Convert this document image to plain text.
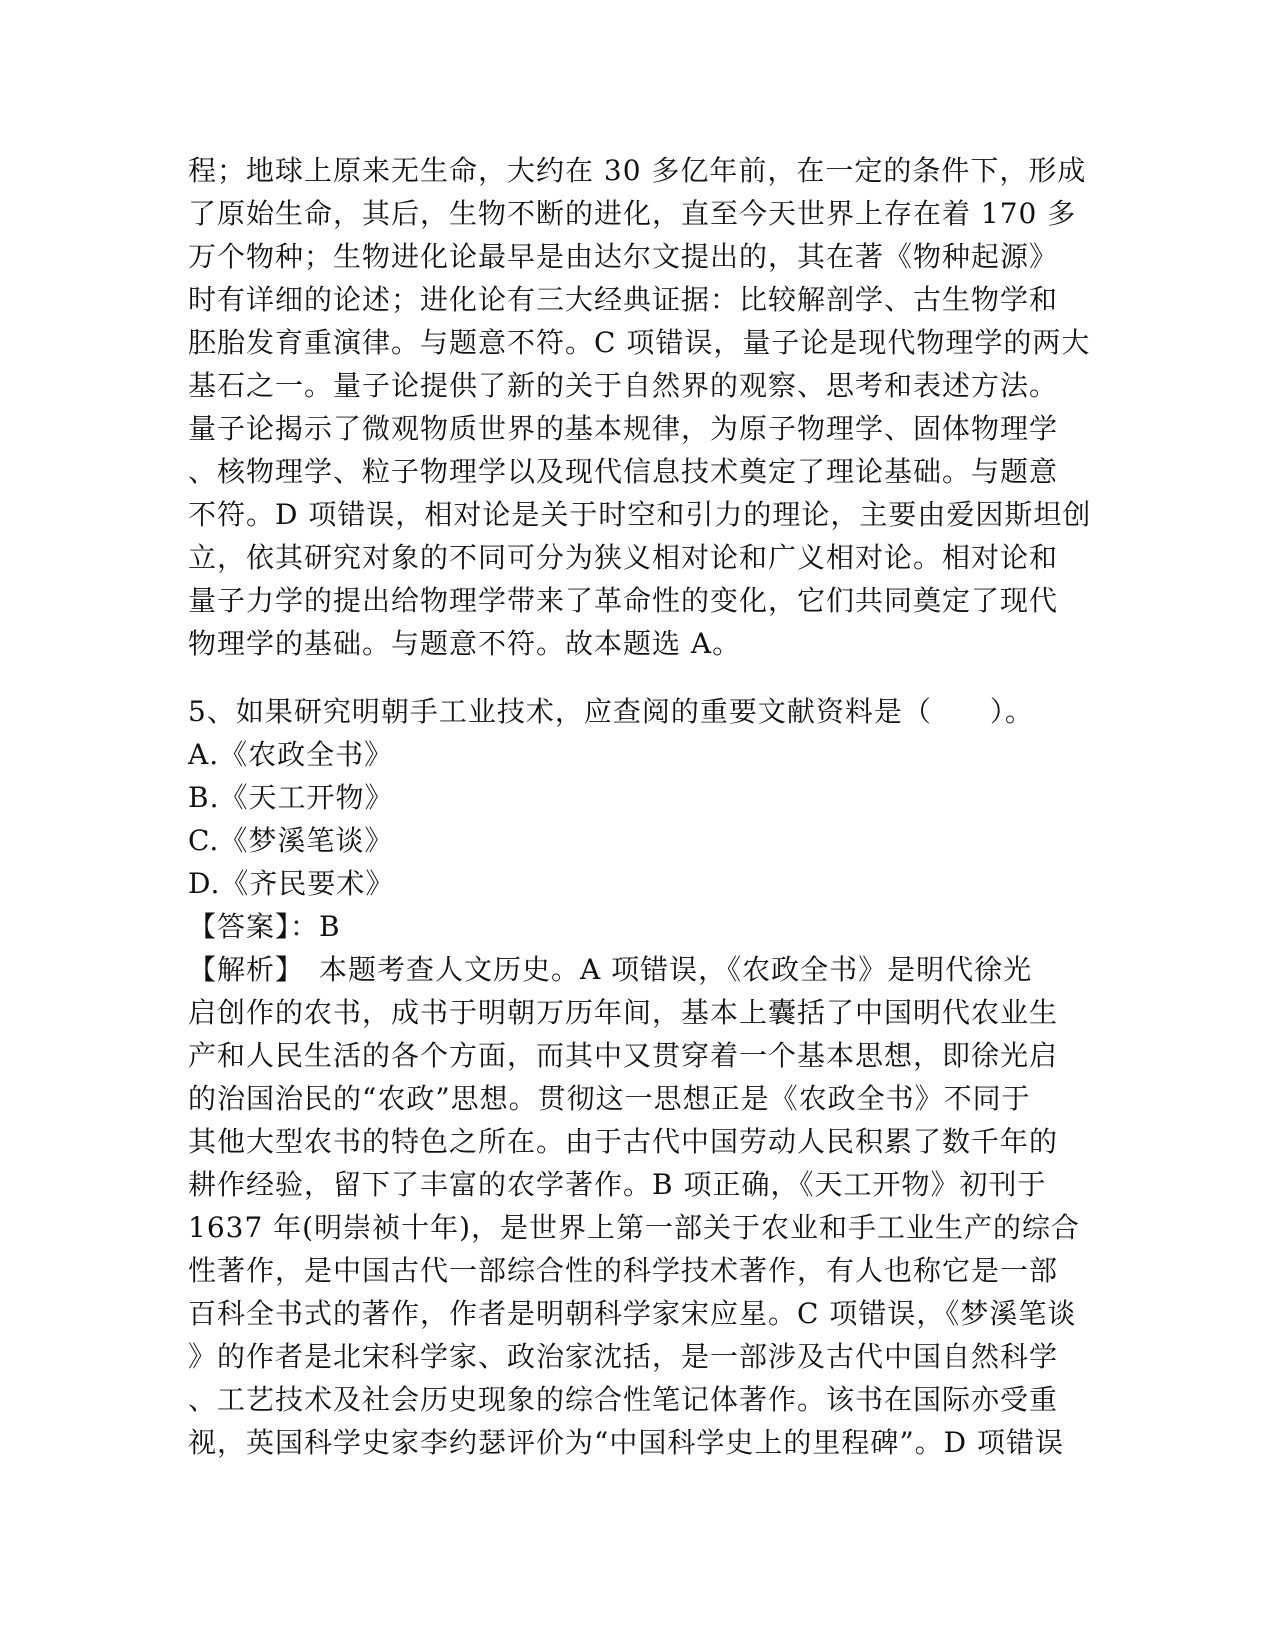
程；地球上原来无生命，大约在 30 多亿年前，在一定的条件下，形成
了原始生命，其后，生物不断的进化，直至今天世界上存在着 170 多
万个物种；生物进化论最早是由达尔文提出的，其在著《物种起源》
时有详细的论述；进化论有三大经典证据：比较解剖学、古生物学和
胚胎发育重演律。与题意不符。C 项错误，量子论是现代物理学的两大
基石之一。量子论提供了新的关于自然界的观察、思考和表述方法。
量子论揭示了微观物质世界的基本规律，为原子物理学、固体物理学
、核物理学、粒子物理学以及现代信息技术奠定了理论基础。与题意
不符。D 项错误，相对论是关于时空和引力的理论，主要由爱因斯坦创
立，依其研究对象的不同可分为狭义相对论和广义相对论。相对论和
量子力学的提出给物理学带来了革命性的变化，它们共同奠定了现代
物理学的基础。与题意不符。故本题选 A。
5、如果研究明朝手工业技术，应查阅的重要文献资料是（　　）。
A.《农政全书》
B.《天工开物》
C.《梦溪笔谈》
D.《齐民要术》
【答案】：B
【解析】　本题考查人文历史。A 项错误，《农政全书》是明代徐光
启创作的农书，成书于明朝万历年间，基本上囊括了中国明代农业生
产和人民生活的各个方面，而其中又贯穿着一个基本思想，即徐光启
的治国治民的“农政”思想。贯彻这一思想正是《农政全书》不同于
其他大型农书的特色之所在。由于古代中国劳动人民积累了数千年的
耕作经验，留下了丰富的农学著作。B 项正确，《天工开物》初刊于
1637 年(明崇祯十年)，是世界上第一部关于农业和手工业生产的综合
性著作，是中国古代一部综合性的科学技术著作，有人也称它是一部
百科全书式的著作，作者是明朝科学家宋应星。C 项错误，《梦溪笔谈
》的作者是北宋科学家、政治家沈括，是一部涉及古代中国自然科学
、工艺技术及社会历史现象的综合性笔记体著作。该书在国际亦受重
视，英国科学史家李约瑟评价为“中国科学史上的里程碑”。D 项错误
